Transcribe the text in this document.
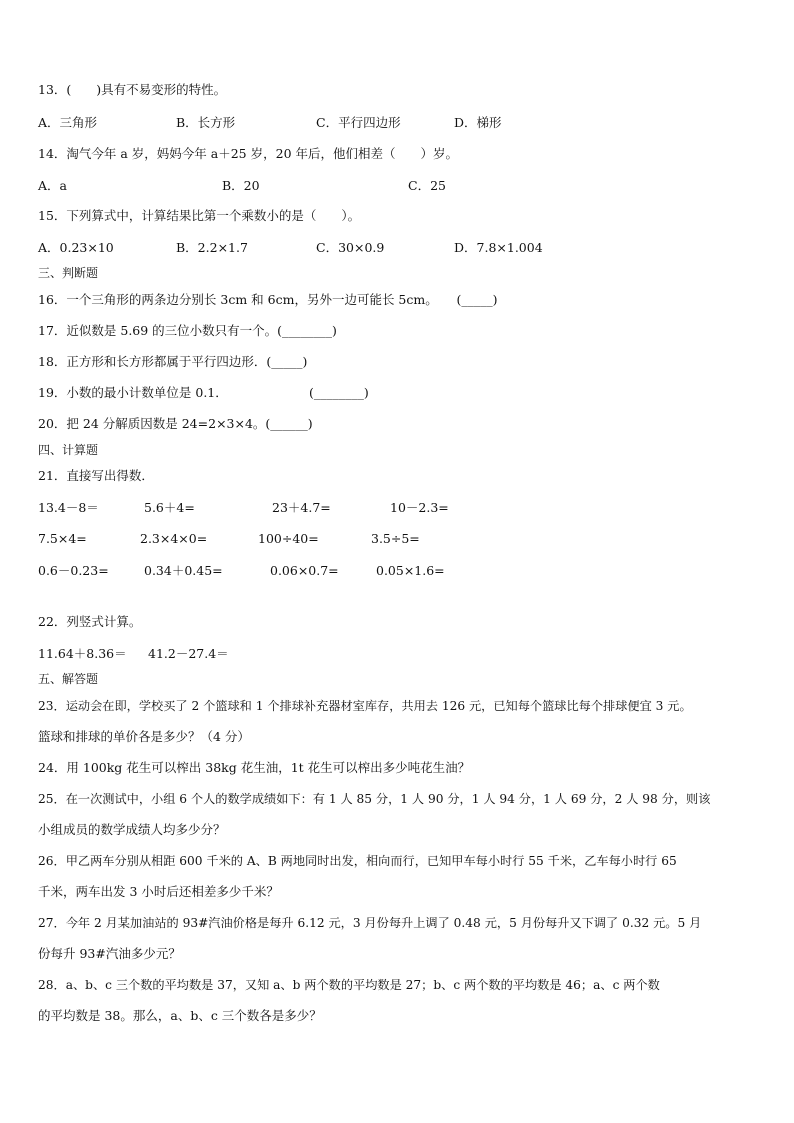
13．(　　)具有不易变形的特性。
A．三角形	B．长方形	C．平行四边形	D．梯形
14．淘气今年 a 岁，妈妈今年 a＋25 岁，20 年后，他们相差（　　）岁。
A．a	B．20	C．25
15．下列算式中，计算结果比第一个乘数小的是（　　）。
A．0.23×10	B．2.2×1.7	C．30×0.9	D．7.8×1.004
三、判断题
16．一个三角形的两条边分别长 3cm 和 6cm，另外一边可能长 5cm。　　(_____)
17．近似数是 5.69 的三位小数只有一个。(________)
18．正方形和长方形都属于平行四边形．(_____)
19．小数的最小计数单位是 0.1．　　　　　　　(________)
20．把 24 分解质因数是 24=2×3×4。(______)
四、计算题
21．直接写出得数．
13.4－8＝	5.6＋4=	23＋4.7=	10－2.3=
7.5×4=	2.3×4×0=	100÷40=	3.5÷5=
0.6－0.23=	0.34＋0.45=	0.06×0.7=	0.05×1.6=
22．列竖式计算。
11.64＋8.36＝ 41.2－27.4＝
五、解答题
23．运动会在即，学校买了 2 个篮球和 1 个排球补充器材室库存，共用去 126 元，已知每个篮球比每个排球便宜 3 元。
篮球和排球的单价各是多少？（4 分）
24．用 100kg 花生可以榨出 38kg 花生油，1t 花生可以榨出多少吨花生油？
25．在一次测试中，小组 6 个人的数学成绩如下：有 1 人 85 分，1 人 90 分，1 人 94 分，1 人 69 分，2 人 98 分，则该
小组成员的数学成绩人均多少分？
26．甲乙两车分别从相距 600 千米的 A、B 两地同时出发，相向而行，已知甲车每小时行 55 千米，乙车每小时行 65
千米，两车出发 3 小时后还相差多少千米？
27．今年 2 月某加油站的 93#汽油价格是每升 6.12 元，3 月份每升上调了 0.48 元，5 月份每升又下调了 0.32 元。5 月
份每升 93#汽油多少元？
28．a、b、c 三个数的平均数是 37，又知 a、b 两个数的平均数是 27；b、c 两个数的平均数是 46；a、c 两个数
的平均数是 38。那么，a、b、c 三个数各是多少？
